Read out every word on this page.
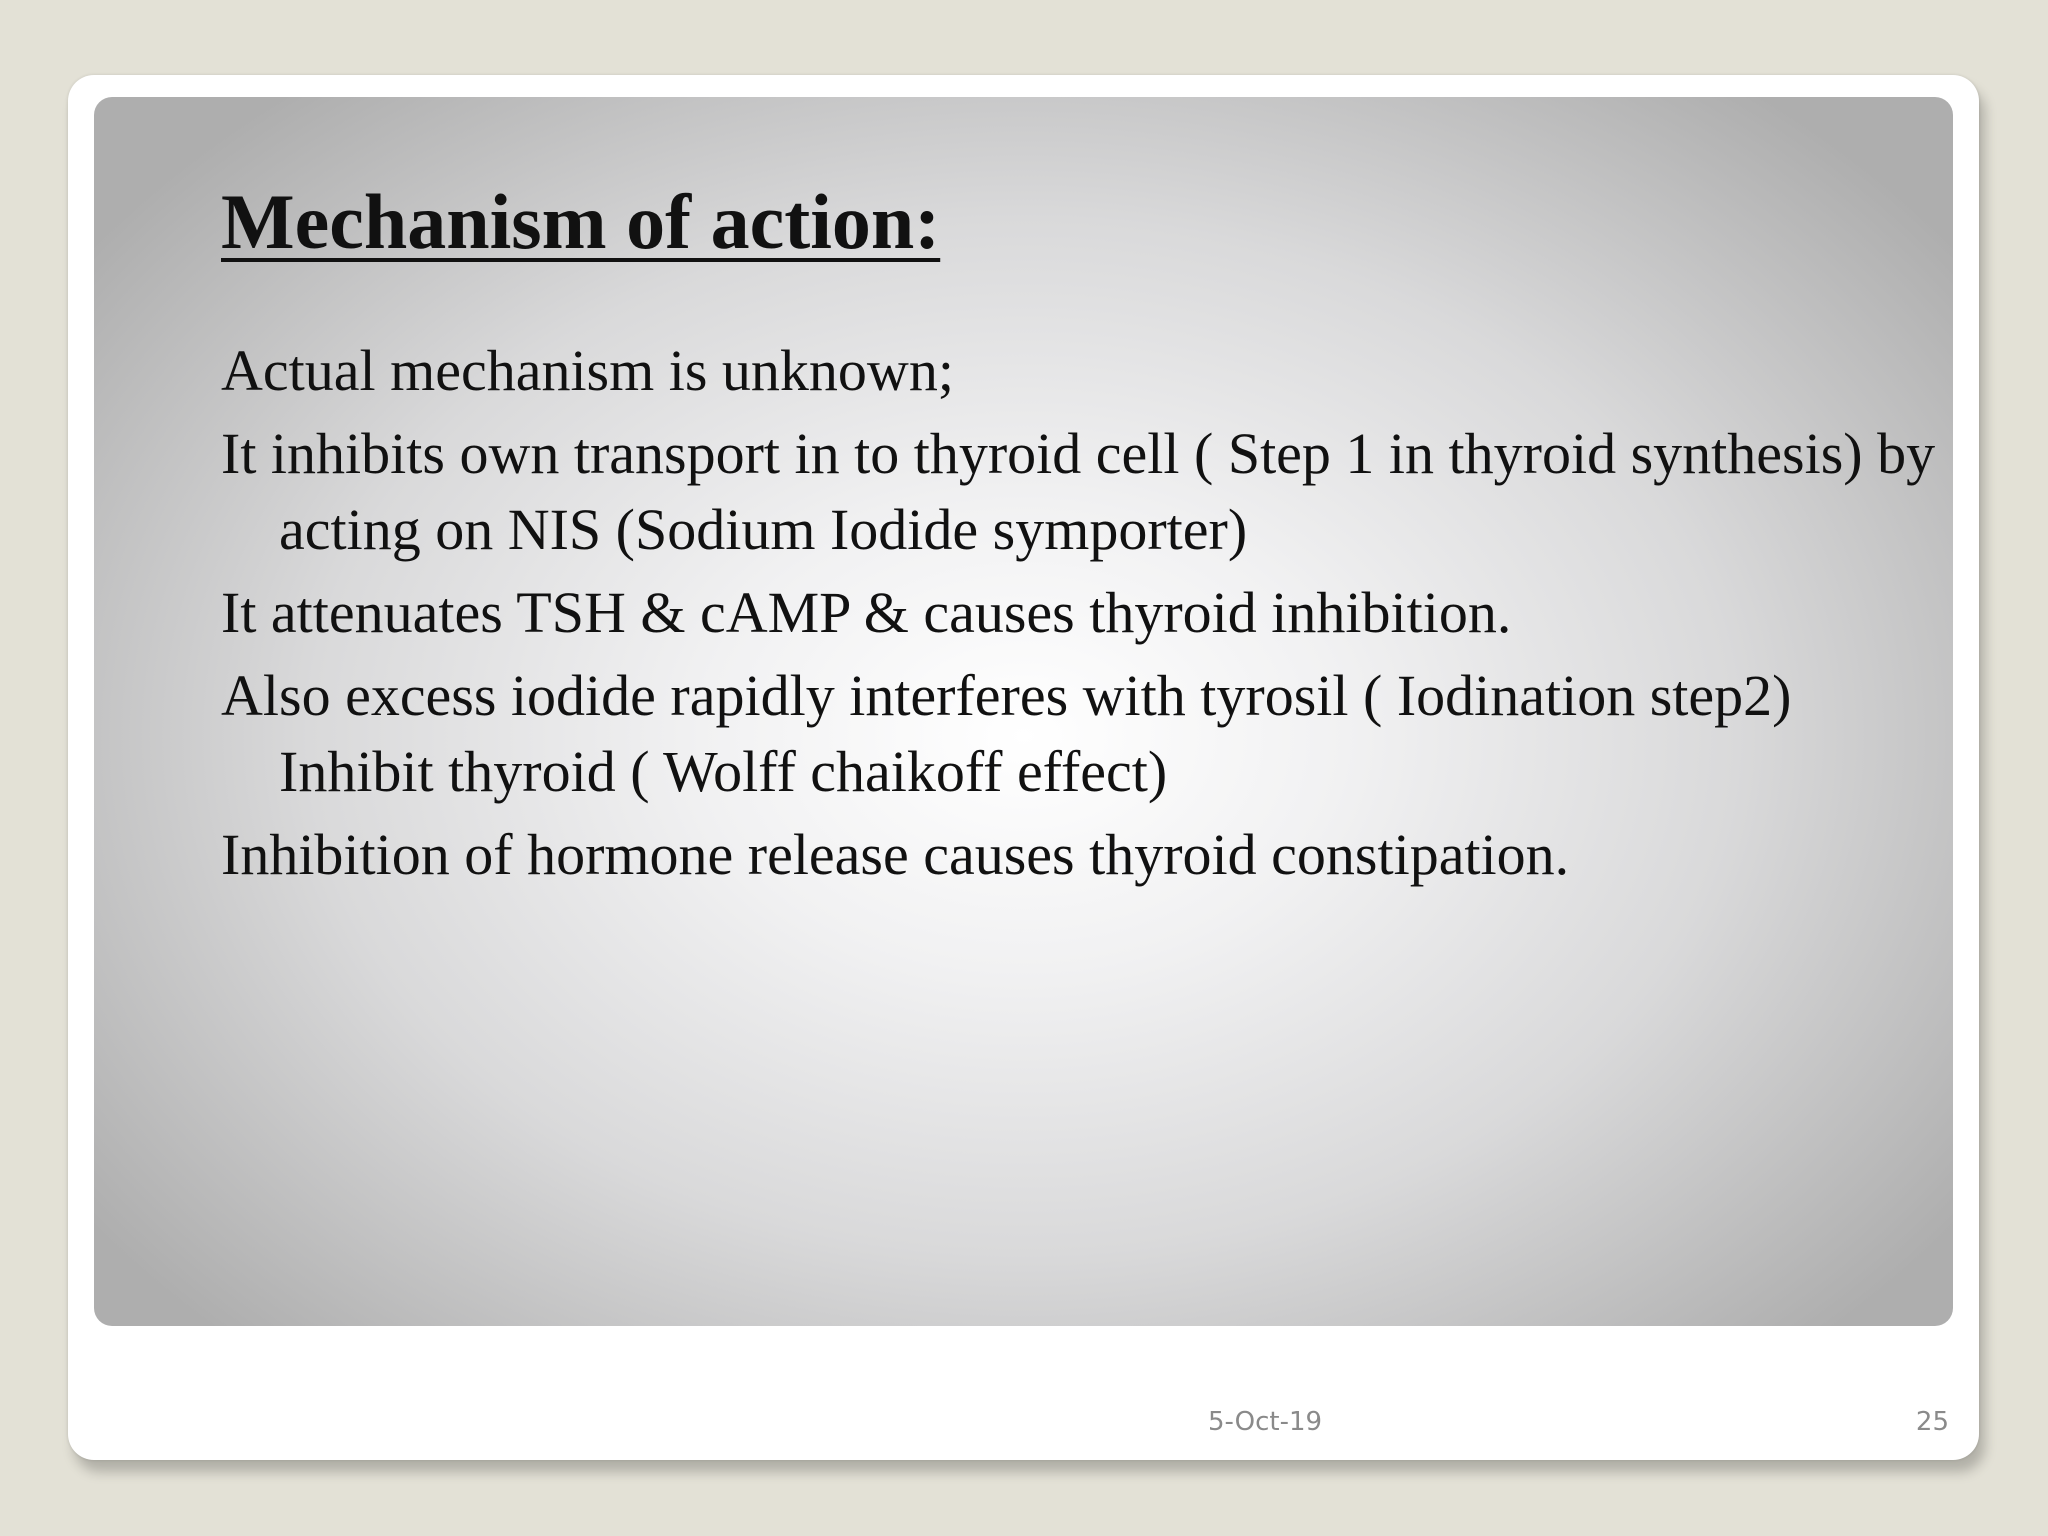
Mechanism of action:
Actual mechanism is unknown;
It inhibits own transport in to thyroid cell ( Step 1 in thyroid synthesis) by acting on NIS (Sodium Iodide symporter)
It attenuates TSH & cAMP & causes thyroid inhibition.
Also excess iodide rapidly interferes with tyrosil ( Iodination step2) Inhibit thyroid ( Wolff chaikoff effect)
Inhibition of hormone release causes thyroid constipation.
5-Oct-19	25
